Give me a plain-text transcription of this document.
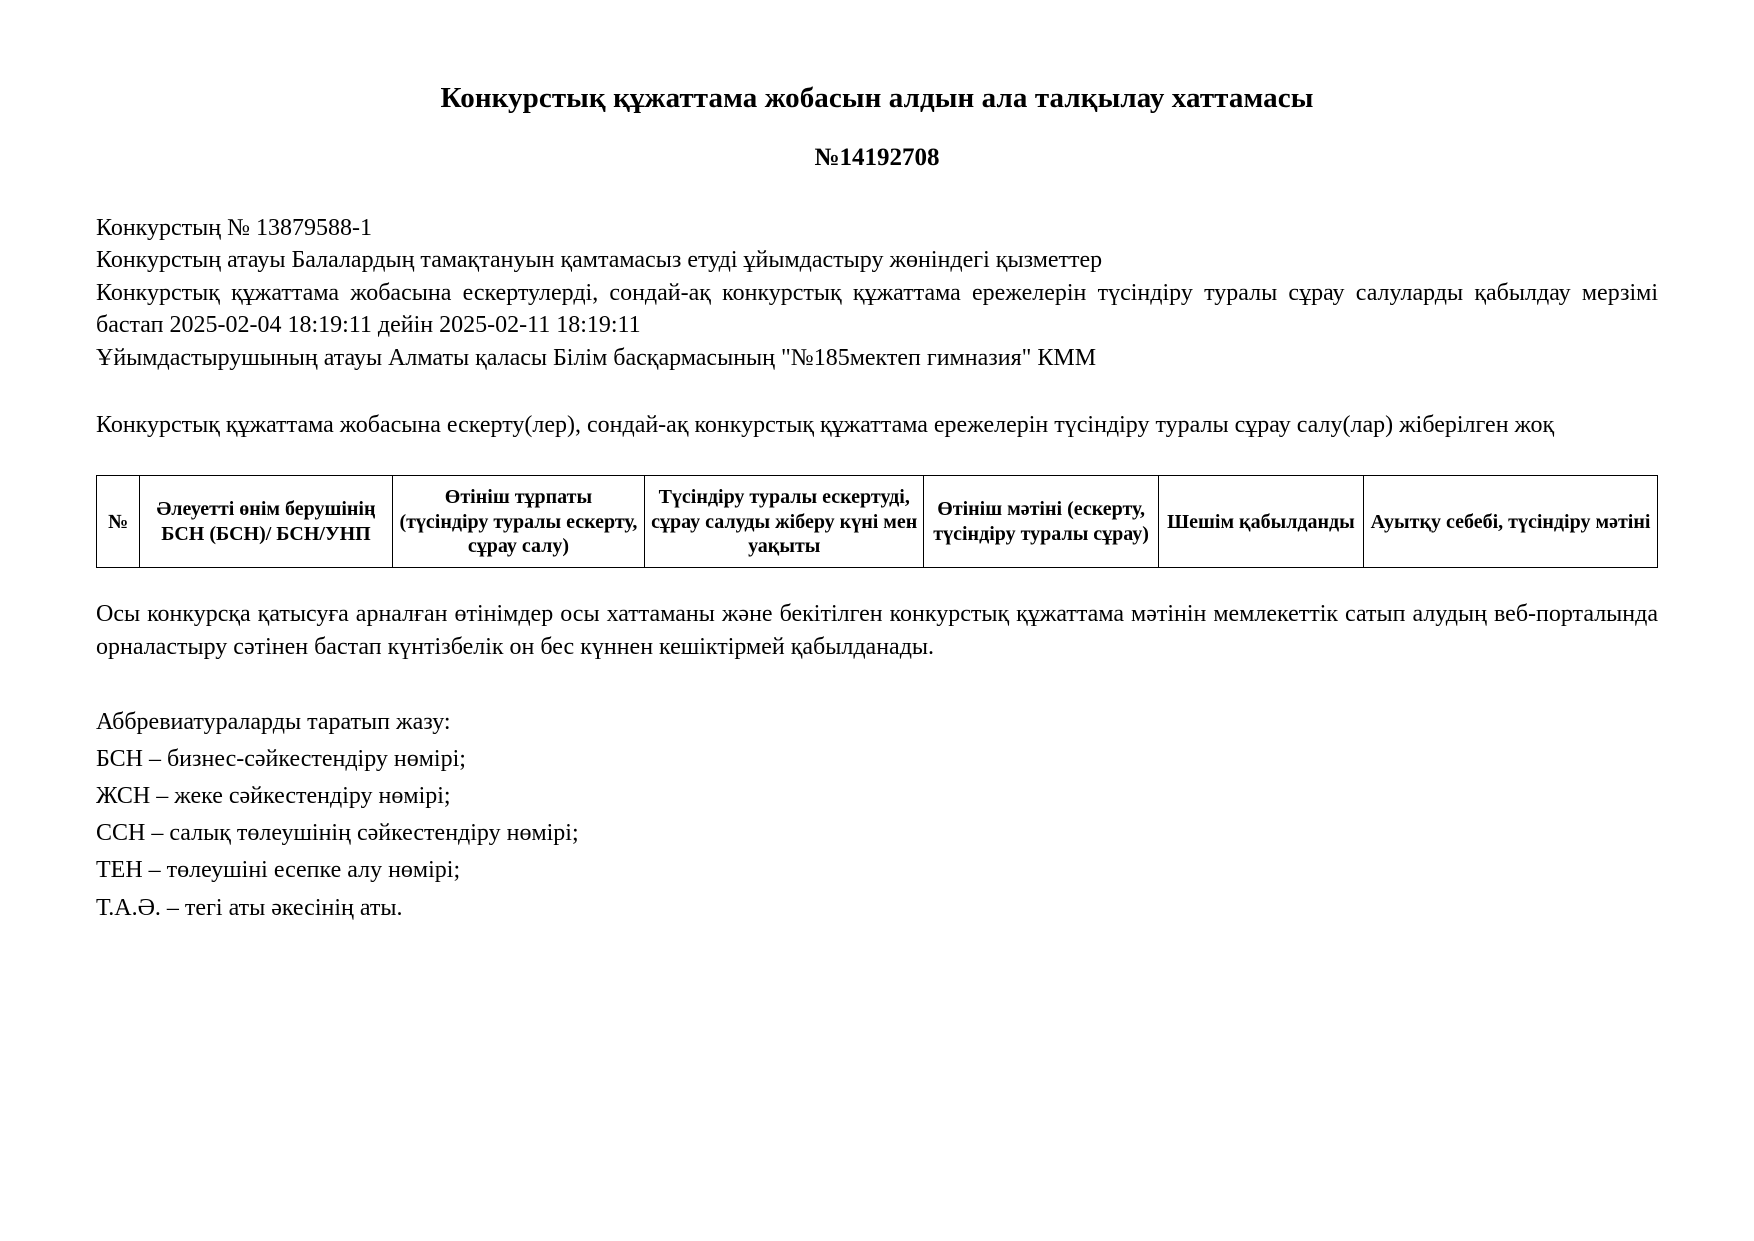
Конкурстық құжаттама жобасын алдын ала талқылау хаттамасы
№14192708
Конкурстың № 13879588-1
Конкурстың атауы Балалардың тамақтануын қамтамасыз етуді ұйымдастыру жөніндегі қызметтер
Конкурстық құжаттама жобасына ескертулерді, сондай-ақ конкурстық құжаттама ережелерін түсіндіру туралы сұрау салуларды қабылдау мерзімі бастап 2025-02-04 18:19:11 дейін 2025-02-11 18:19:11
Ұйымдастырушының атауы Алматы қаласы Білім басқармасының "№185мектеп гимназия" КММ

Конкурстық құжаттама жобасына ескерту(лер), сондай-ақ конкурстық құжаттама ережелерін түсіндіру туралы сұрау салу(лар) жіберілген жоқ

№	Әлеуетті өнім берушінің БСН (БСН)/ БСН/УНП	Өтініш тұрпаты (түсіндіру туралы ескерту, сұрау салу)	Түсіндіру туралы ескертуді, сұрау салуды жіберу күні мен уақыты	Өтініш мәтіні (ескерту, түсіндіру туралы сұрау)	Шешім қабылданды	Ауытқу себебі, түсіндіру мәтіні

Осы конкурсқа қатысуға арналған өтінімдер осы хаттаманы және бекітілген конкурстық құжаттама мәтінін мемлекеттік сатып алудың веб-порталында орналастыру сәтінен бастап күнтізбелік он бес күннен кешіктірмей қабылданады.

Аббревиатураларды таратып жазу:
БСН – бизнес-сәйкестендіру нөмірі;
ЖСН – жеке сәйкестендіру нөмірі;
ССН – салық төлеушінің сәйкестендіру нөмірі;
ТЕН – төлеушіні есепке алу нөмірі;
Т.А.Ә. – тегі аты әкесінің аты.
